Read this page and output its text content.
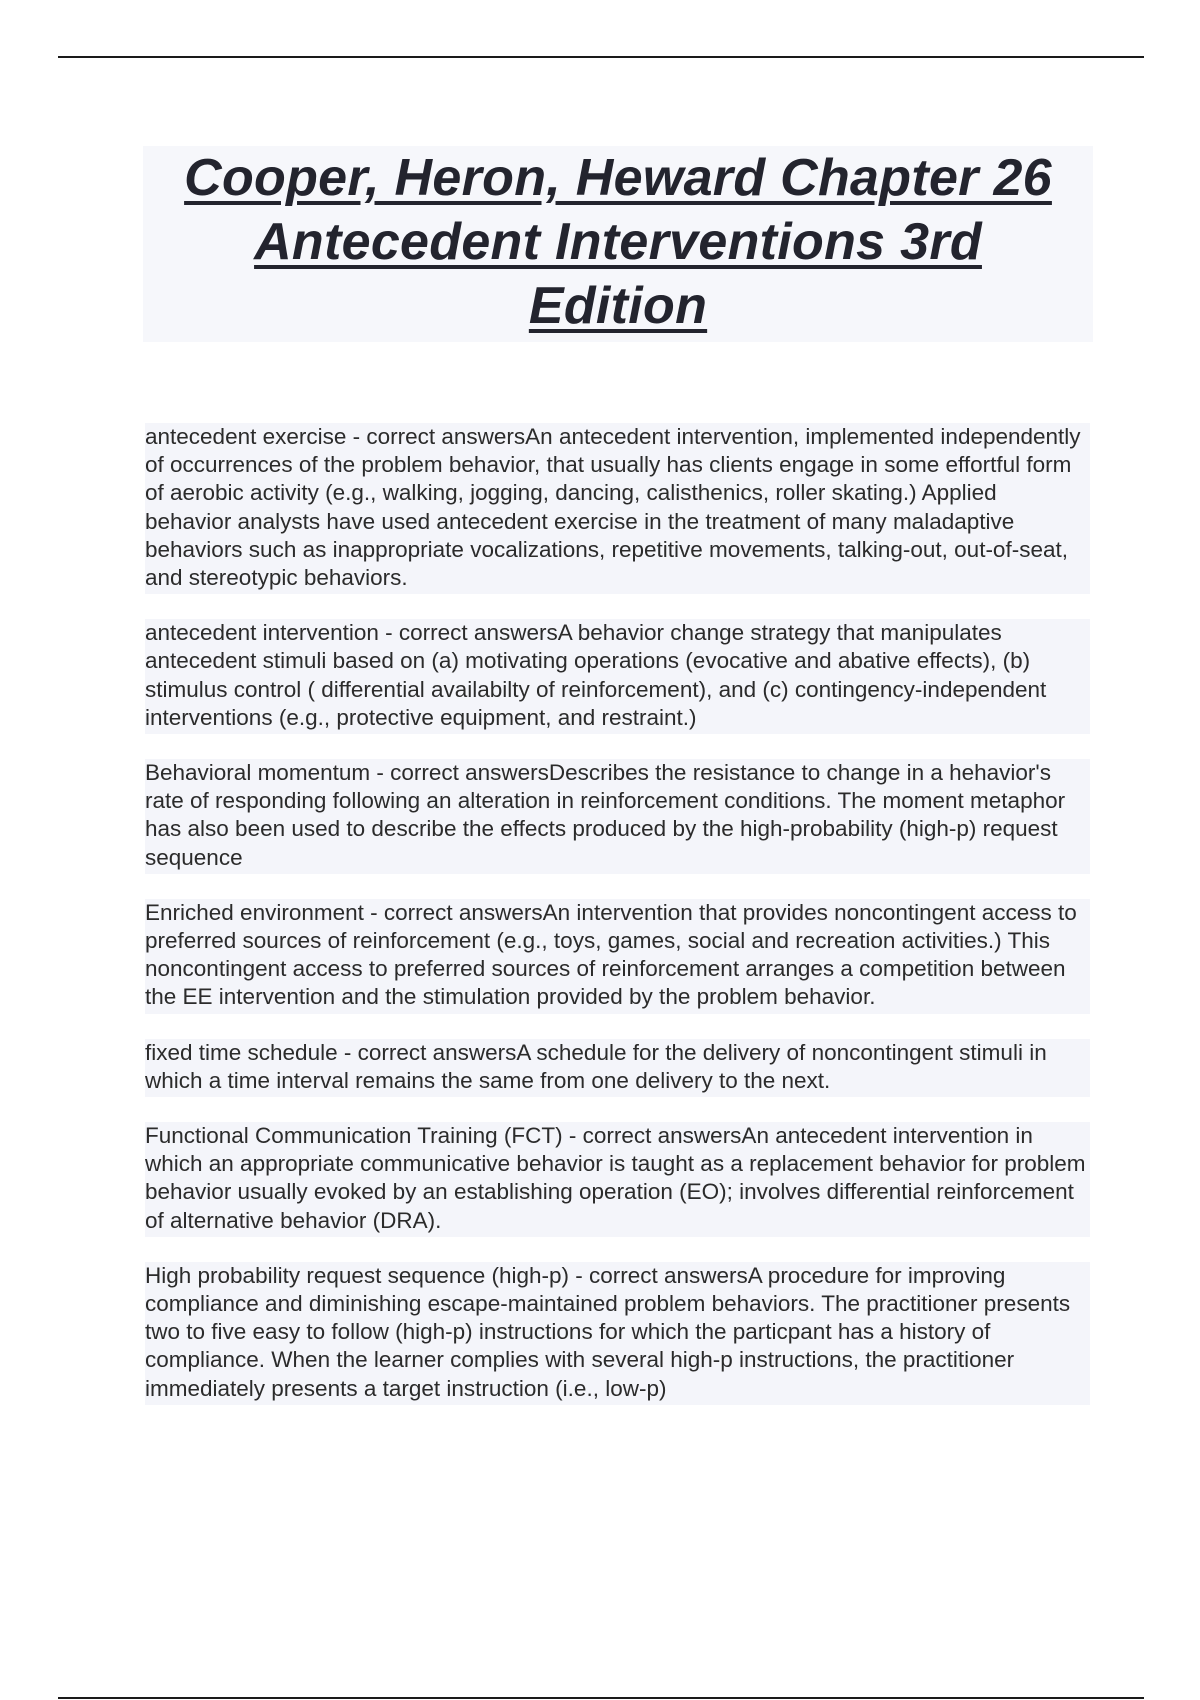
Cooper, Heron, Heward Chapter 26
Antecedent Interventions 3rd
Edition

antecedent exercise - correct answersAn antecedent intervention, implemented independently of occurrences of the problem behavior, that usually has clients engage in some effortful form of aerobic activity (e.g., walking, jogging, dancing, calisthenics, roller skating.) Applied behavior analysts have used antecedent exercise in the treatment of many maladaptive behaviors such as inappropriate vocalizations, repetitive movements, talking-out, out-of-seat, and stereotypic behaviors.

antecedent intervention - correct answersA behavior change strategy that manipulates antecedent stimuli based on (a) motivating operations (evocative and abative effects), (b) stimulus control ( differential availabilty of reinforcement), and (c) contingency-independent interventions (e.g., protective equipment, and restraint.)

Behavioral momentum - correct answersDescribes the resistance to change in a hehavior's rate of responding following an alteration in reinforcement conditions. The moment metaphor has also been used to describe the effects produced by the high-probability (high-p) request sequence

Enriched environment - correct answersAn intervention that provides noncontingent access to preferred sources of reinforcement (e.g., toys, games, social and recreation activities.) This noncontingent access to preferred sources of reinforcement arranges a competition between the EE intervention and the stimulation provided by the problem behavior.

fixed time schedule - correct answersA schedule for the delivery of noncontingent stimuli in which a time interval remains the same from one delivery to the next.

Functional Communication Training (FCT) - correct answersAn antecedent intervention in which an appropriate communicative behavior is taught as a replacement behavior for problem behavior usually evoked by an establishing operation (EO); involves differential reinforcement of alternative behavior (DRA).

High probability request sequence (high-p) - correct answersA procedure for improving compliance and diminishing escape-maintained problem behaviors. The practitioner presents two to five easy to follow (high-p) instructions for which the particpant has a history of compliance. When the learner complies with several high-p instructions, the practitioner immediately presents a target instruction (i.e., low-p)
